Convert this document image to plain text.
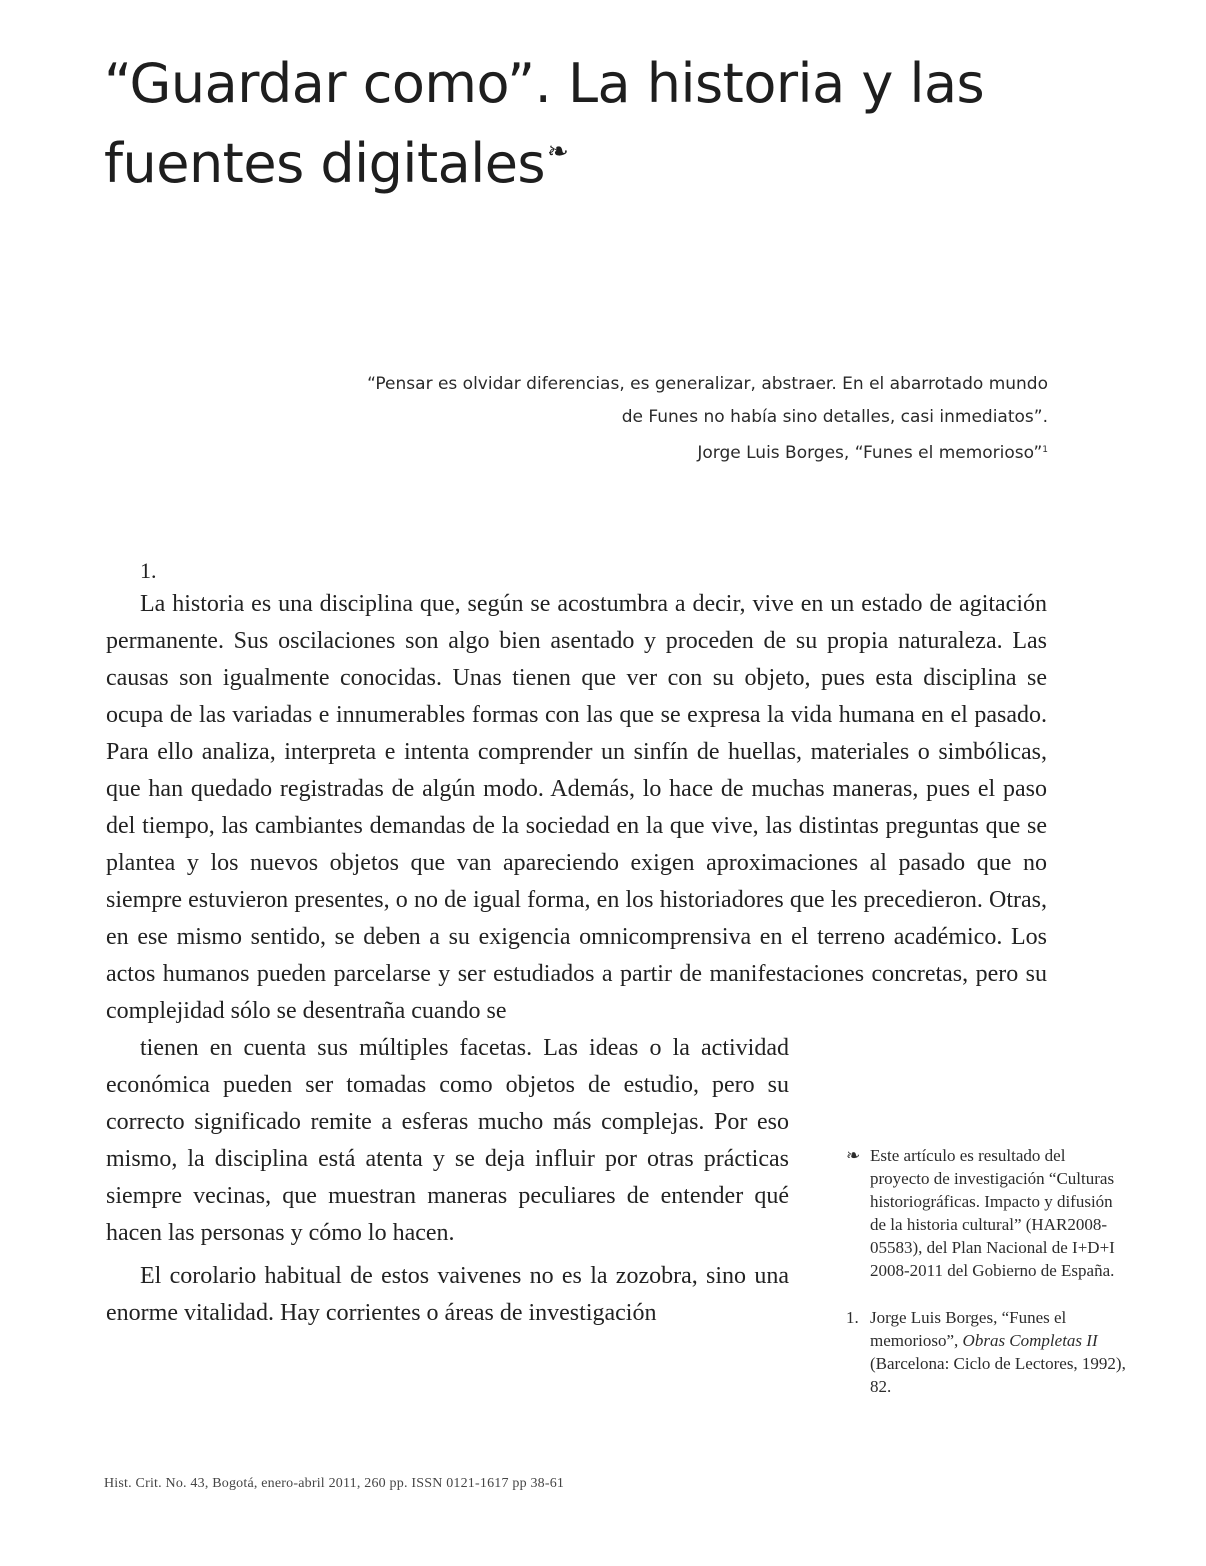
“Guardar como”. La historia y las fuentes digitales❧
“Pensar es olvidar diferencias, es generalizar, abstraer. En el abarrotado mundo
de Funes no había sino detalles, casi inmediatos”.
Jorge Luis Borges, “Funes el memorioso”$^1$
1.

La historia es una disciplina que, según se acostumbra a decir, vive en un estado de agitación permanente. Sus oscilaciones son algo bien asentado y proceden de su propia naturaleza. Las causas son igualmente conocidas. Unas tienen que ver con su objeto, pues esta disciplina se ocupa de las variadas e innumerables formas con las que se expresa la vida humana en el pasado. Para ello analiza, interpreta e intenta comprender un sinfín de huellas, materiales o simbólicas, que han quedado registradas de algún modo. Además, lo hace de muchas maneras, pues el paso del tiempo, las cambiantes demandas de la sociedad en la que vive, las distintas preguntas que se plantea y los nuevos objetos que van apareciendo exigen aproximaciones al pasado que no siempre estuvieron presentes, o no de igual forma, en los historiadores que les precedieron. Otras, en ese mismo sentido, se deben a su exigencia omnicomprensiva en el terreno académico. Los actos humanos pueden parcelarse y ser estudiados a partir de manifestaciones concretas, pero su complejidad sólo se desentraña cuando se
tienen en cuenta sus múltiples facetas. Las ideas o la actividad económica pueden ser tomadas como objetos de estudio, pero su correcto significado remite a esferas mucho más complejas. Por eso mismo, la disciplina está atenta y se deja influir por otras prácticas siempre vecinas, que muestran maneras peculiares de entender qué hacen las personas y cómo lo hacen.

El corolario habitual de estos vaivenes no es la zozobra, sino una enorme vitalidad. Hay corrientes o áreas de investigación

❧ Este artículo es resultado del proyecto de investigación “Culturas historiográficas. Impacto y difusión de la historia cultural” (HAR2008-05583), del Plan Nacional de I+D+I 2008-2011 del Gobierno de España.
1. Jorge Luis Borges, “Funes el memorioso”, Obras Completas II (Barcelona: Ciclo de Lectores, 1992), 82.
Hist. Crit. No. 43, Bogotá, enero-abril 2011, 260 pp. ISSN 0121-1617 pp 38-61
